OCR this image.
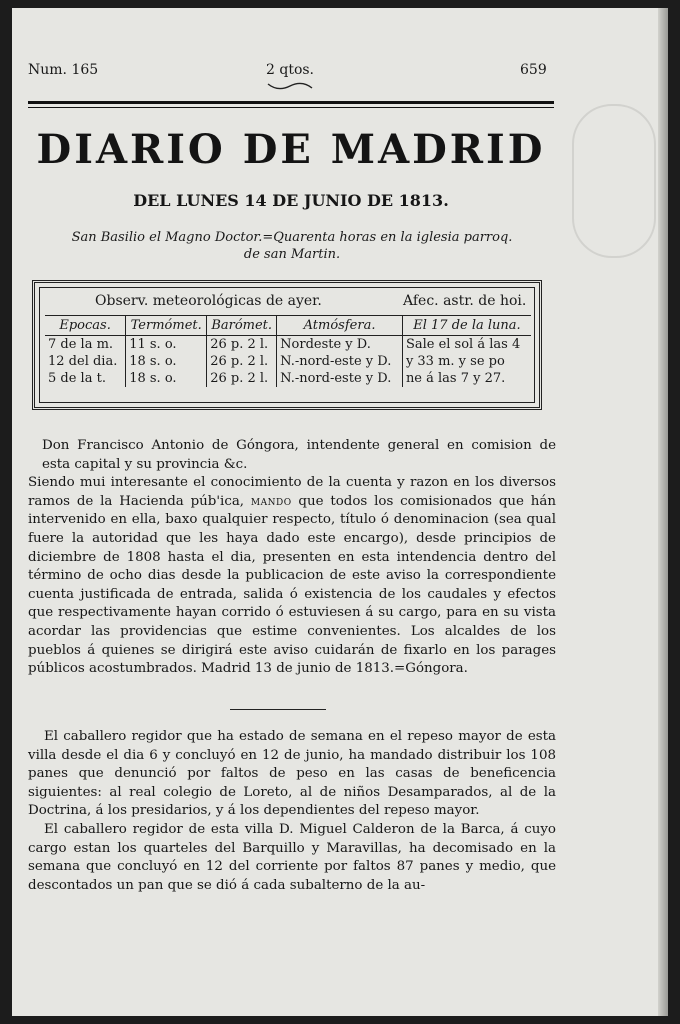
Num. 165	2 qtos.	659
DIARIO DE MADRID
DEL LUNES 14 DE JUNIO DE 1813.
San Basilio el Magno Doctor.=Quarenta horas en la iglesia parroq.
de san Martin.
Observ. meteorológicas de ayer.	Afec. astr. de hoi.
Epocas.	Termómet.	Barómet.	Atmósfera.	El 17 de la luna.
7 de la m.	11 s. o.	26 p. 2 l.	Nordeste y D.	Sale el sol á las 4
12 del dia.	18 s. o.	26 p. 2 l.	N.-nord-este y D.	y 33 m. y se po
5 de la t.	18 s. o.	26 p. 2 l.	N.-nord-este y D.	ne á las 7 y 27.
Don Francisco Antonio de Góngora, intendente general en comision de esta capital y su provincia &c.
Siendo mui interesante el conocimiento de la cuenta y razon en los diversos ramos de la Hacienda púb'ica, mando que todos los comisionados que hán intervenido en ella, baxo qualquier respecto, título ó denominacion (sea qual fuere la autoridad que les haya dado este encargo), desde principios de diciembre de 1808 hasta el dia, presenten en esta intendencia dentro del término de ocho dias desde la publicacion de este aviso la correspondiente cuenta justificada de entrada, salida ó existencia de los caudales y efectos que respectivamente hayan corrido ó estuviesen á su cargo, para en su vista acordar las providencias que estime convenientes. Los alcaldes de los pueblos á quienes se dirigirá este aviso cuidarán de fixarlo en los parages públicos acostumbrados. Madrid 13 de junio de 1813.=Góngora.

El caballero regidor que ha estado de semana en el repeso mayor de esta villa desde el dia 6 y concluyó en 12 de junio, ha mandado distribuir los 108 panes que denunció por faltos de peso en las casas de beneficencia siguientes: al real colegio de Loreto, al de niños Desamparados, al de la Doctrina, á los presidarios, y á los dependientes del repeso mayor.

El caballero regidor de esta villa D. Miguel Calderon de la Barca, á cuyo cargo estan los quarteles del Barquillo y Maravillas, ha decomisado en la semana que concluyó en 12 del corriente por faltos 87 panes y medio, que descontados un pan que se dió á cada subalterno de la au-
